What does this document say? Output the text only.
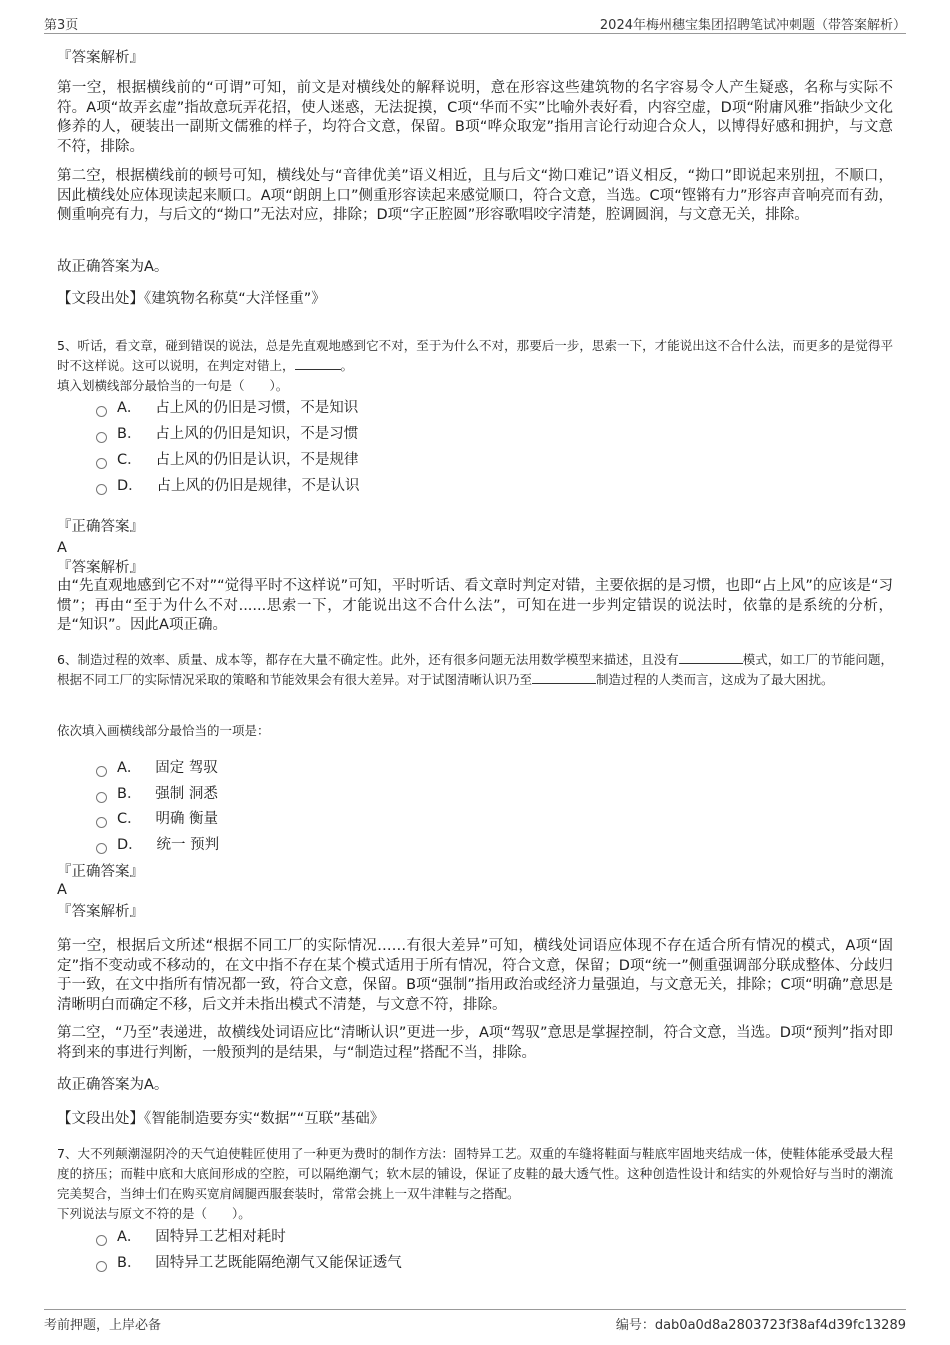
第3页	2024年梅州穗宝集团招聘笔试冲刺题（带答案解析）

『答案解析』

第一空，根据横线前的“可谓”可知，前文是对横线处的解释说明，意在形容这些建筑物的名字容易令人产生疑惑，名称与实际不符。A项“故弄玄虚”指故意玩弄花招，使人迷惑，无法捉摸，C项“华而不实”比喻外表好看，内容空虚，D项“附庸风雅”指缺少文化修养的人，硬装出一副斯文儒雅的样子，均符合文意，保留。B项“哗众取宠”指用言论行动迎合众人，以博得好感和拥护，与文意不符，排除。

第二空，根据横线前的顿号可知，横线处与“音律优美”语义相近，且与后文“拗口难记”语义相反，“拗口”即说起来别扭，不顺口，因此横线处应体现读起来顺口。A项“朗朗上口”侧重形容读起来感觉顺口，符合文意，当选。C项“铿锵有力”形容声音响亮而有劲，侧重响亮有力，与后文的“拗口”无法对应，排除；D项“字正腔圆”形容歌唱咬字清楚，腔调圆润，与文意无关，排除。

故正确答案为A。

【文段出处】《建筑物名称莫“大洋怪重”》

5、听话，看文章，碰到错误的说法，总是先直观地感到它不对，至于为什么不对，那要后一步，思索一下，才能说出这不合什么法，而更多的是觉得平时不这样说。这可以说明，在判定对错上，	。

填入划横线部分最恰当的一句是（　　）。

A． 占上风的仍旧是习惯，不是知识
B． 占上风的仍旧是知识，不是习惯
C． 占上风的仍旧是认识，不是规律
D． 占上风的仍旧是规律，不是认识

『正确答案』

A

『答案解析』

由“先直观地感到它不对”“觉得平时不这样说”可知，平时听话、看文章时判定对错，主要依据的是习惯，也即“占上风”的应该是“习惯”；再由“至于为什么不对......思索一下，才能说出这不合什么法”，可知在进一步判定错误的说法时，依靠的是系统的分析，是“知识”。因此A项正确。

6、制造过程的效率、质量、成本等，都存在大量不确定性。此外，还有很多问题无法用数学模型来描述，且没有	模式，如工厂的节能问题，根据不同工厂的实际情况采取的策略和节能效果会有很大差异。对于试图清晰认识乃至	制造过程的人类而言，这成为了最大困扰。

依次填入画横线部分最恰当的一项是：

A． 固定 驾驭
B． 强制 洞悉
C． 明确 衡量
D． 统一 预判

『正确答案』

A

『答案解析』

第一空，根据后文所述“根据不同工厂的实际情况……有很大差异”可知，横线处词语应体现不存在适合所有情况的模式，A项“固定”指不变动或不移动的，在文中指不存在某个模式适用于所有情况，符合文意，保留；D项“统一”侧重强调部分联成整体、分歧归于一致，在文中指所有情况都一致，符合文意，保留。B项“强制”指用政治或经济力量强迫，与文意无关，排除；C项“明确”意思是清晰明白而确定不移，后文并未指出模式不清楚，与文意不符，排除。

第二空，“乃至”表递进，故横线处词语应比“清晰认识”更进一步，A项“驾驭”意思是掌握控制，符合文意，当选。D项“预判”指对即将到来的事进行判断，一般预判的是结果，与“制造过程”搭配不当，排除。

故正确答案为A。

【文段出处】《智能制造要夯实“数据”“互联”基础》

7、大不列颠潮湿阴冷的天气迫使鞋匠使用了一种更为费时的制作方法：固特异工艺。双重的车缝将鞋面与鞋底牢固地夹结成一体，使鞋体能承受最大程度的挤压；而鞋中底和大底间形成的空腔，可以隔绝潮气；软木层的铺设，保证了皮鞋的最大透气性。这种创造性设计和结实的外观恰好与当时的潮流完美契合，当绅士们在购买宽肩阔腿西服套装时，常常会挑上一双牛津鞋与之搭配。

下列说法与原文不符的是（　　）。

A． 固特异工艺相对耗时
B． 固特异工艺既能隔绝潮气又能保证透气
考前押题，上岸必备	编号：dab0a0d8a2803723f38af4d39fc13289
